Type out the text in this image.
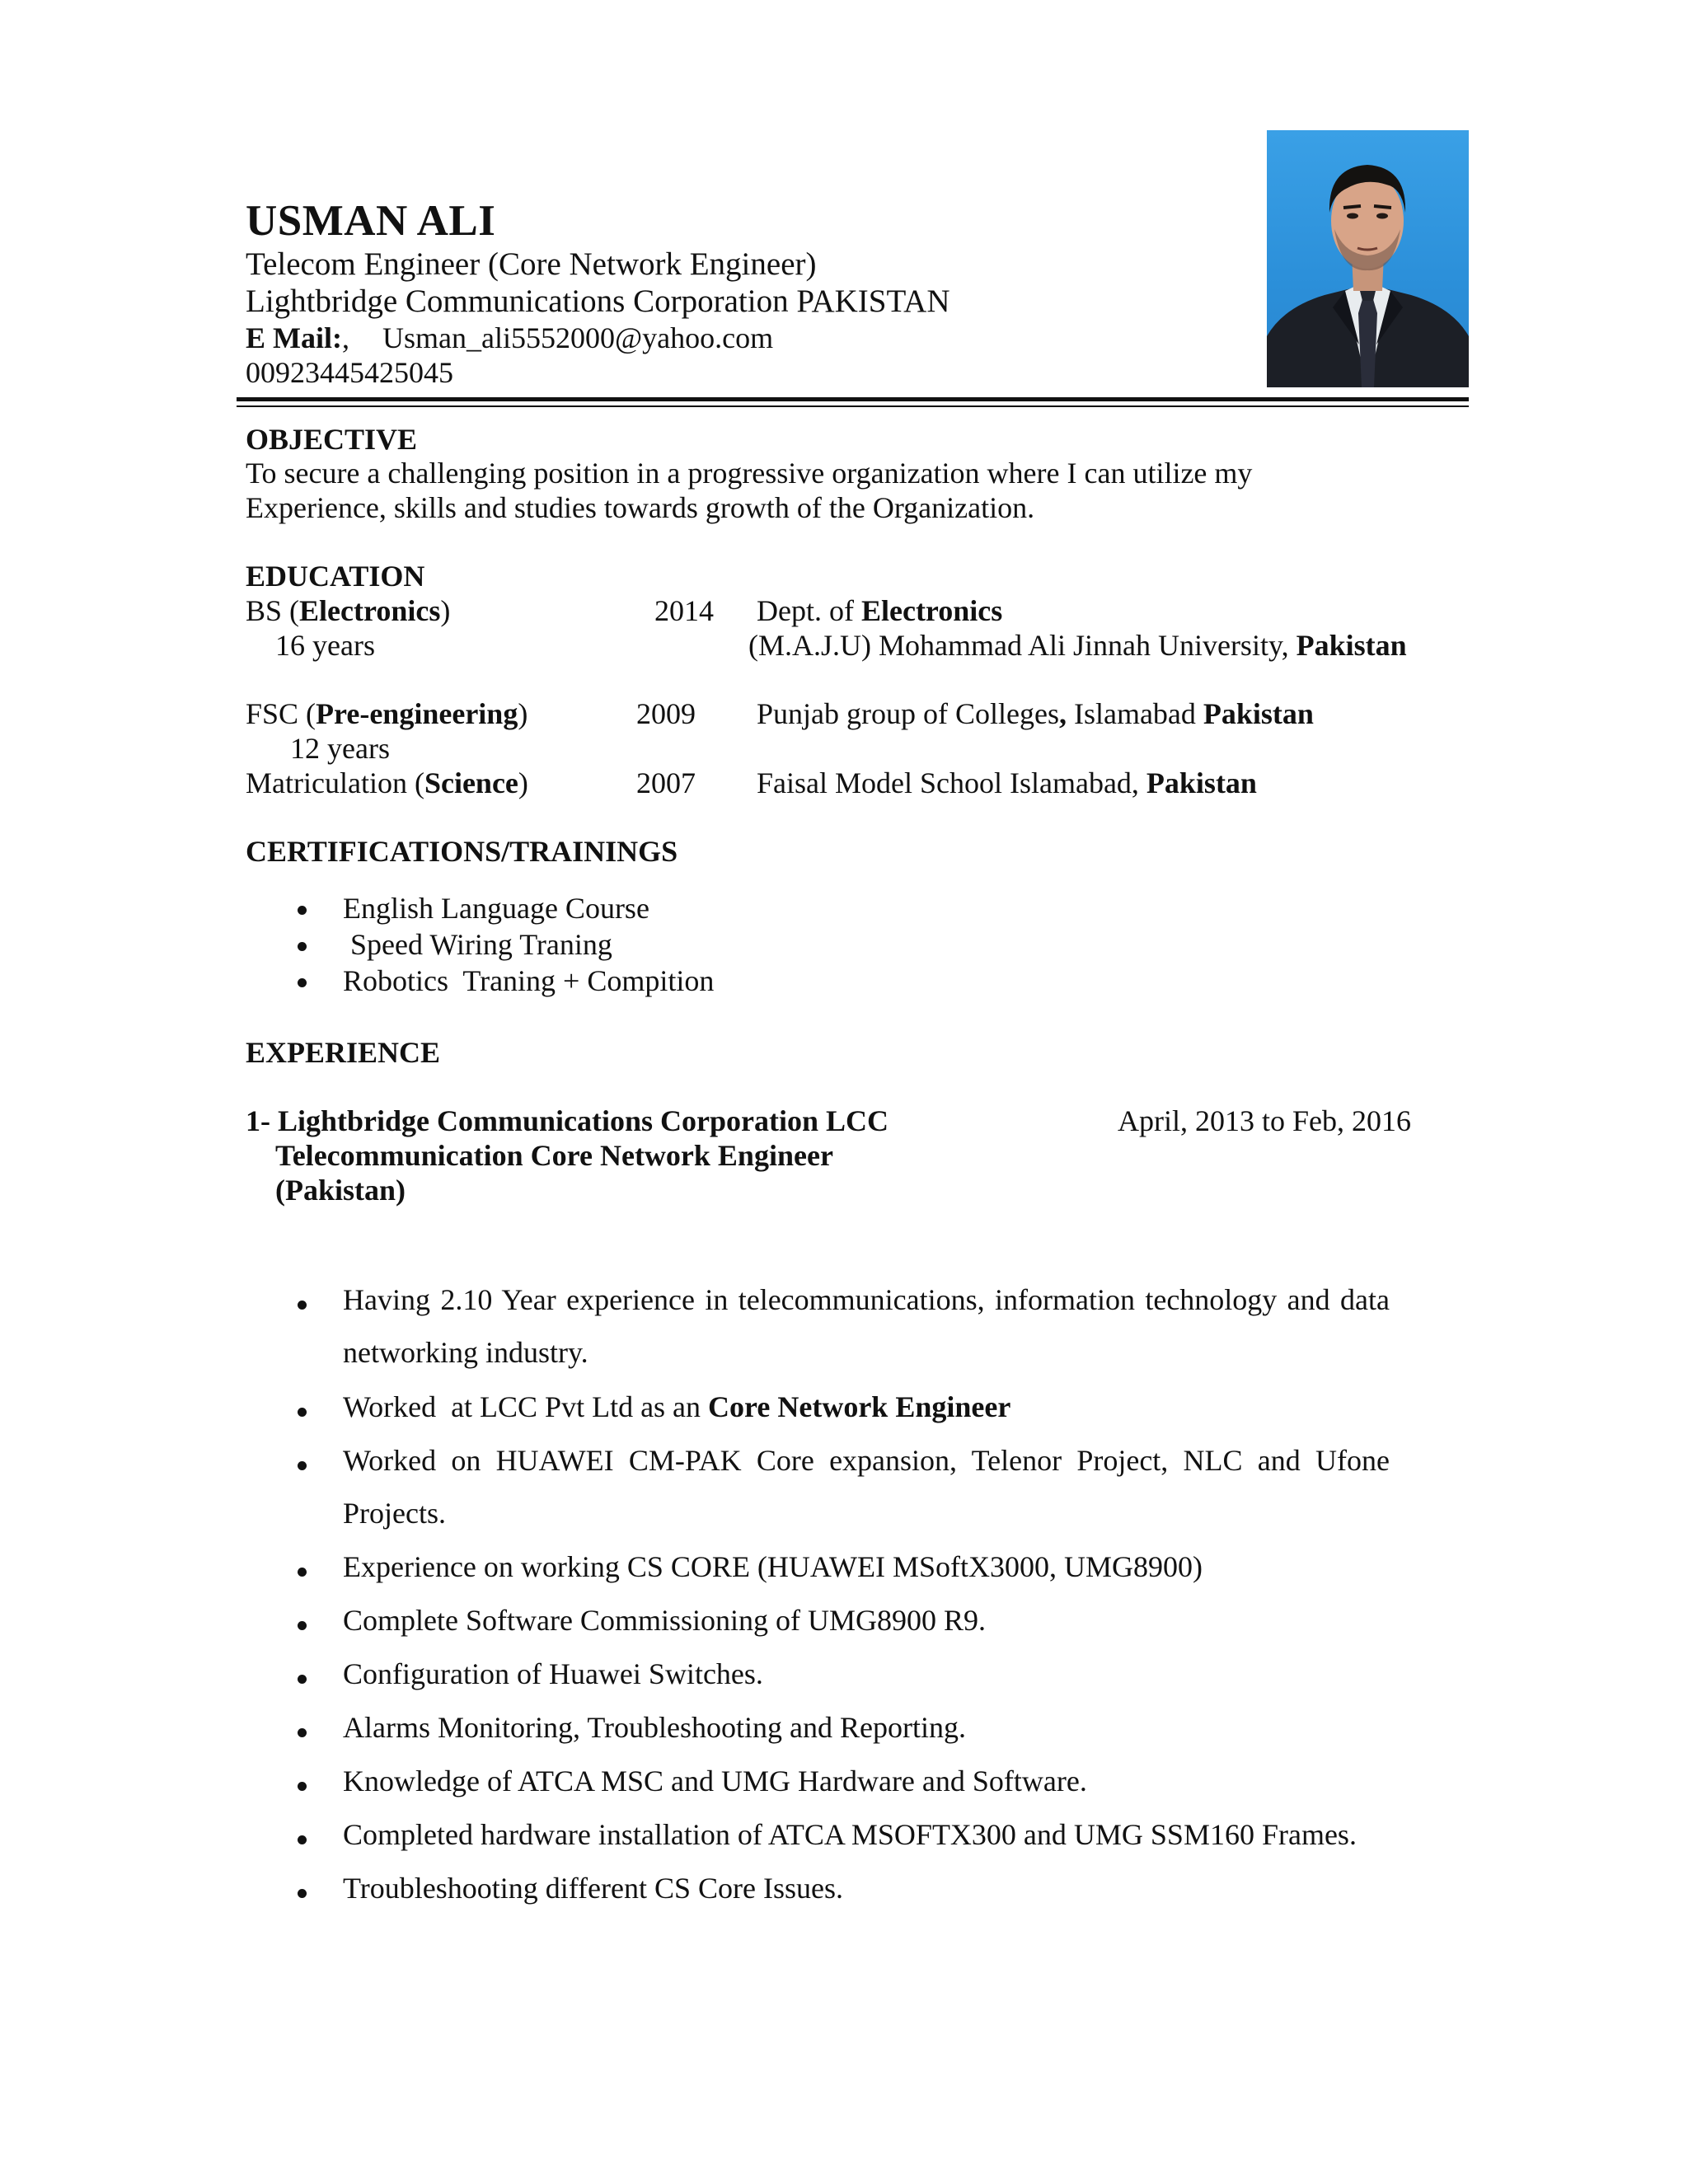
USMAN ALI
Telecom Engineer (Core Network Engineer)
Lightbridge Communications Corporation PAKISTAN
E Mail:, Usman_ali5552000@yahoo.com
00923445425045
OBJECTIVE
To secure a challenging position in a progressive organization where I can utilize my
Experience, skills and studies towards growth of the Organization.
EDUCATION
BS (Electronics)	2014 Dept. of Electronics
16 years	(M.A.J.U) Mohammad Ali Jinnah University, Pakistan
FSC (Pre-engineering)	2009 Punjab group of Colleges, Islamabad Pakistan
12 years
Matriculation (Science)	2007 Faisal Model School Islamabad, Pakistan
CERTIFICATIONS/TRAININGS
English Language Course
Speed Wiring Traning
Robotics  Traning + Compition
EXPERIENCE
1- Lightbridge Communications Corporation LCC	April, 2013 to Feb, 2016
Telecommunication Core Network Engineer
(Pakistan)
Having 2.10 Year experience in telecommunications, information technology and data networking industry.
Worked  at LCC Pvt Ltd as an Core Network Engineer
Worked on HUAWEI CM-PAK Core expansion, Telenor Project, NLC and Ufone Projects.
Experience on working CS CORE (HUAWEI MSoftX3000, UMG8900)
Complete Software Commissioning of UMG8900 R9.
Configuration of Huawei Switches.
Alarms Monitoring, Troubleshooting and Reporting.
Knowledge of ATCA MSC and UMG Hardware and Software.
Completed hardware installation of ATCA MSOFTX300 and UMG SSM160 Frames.
Troubleshooting different CS Core Issues.
